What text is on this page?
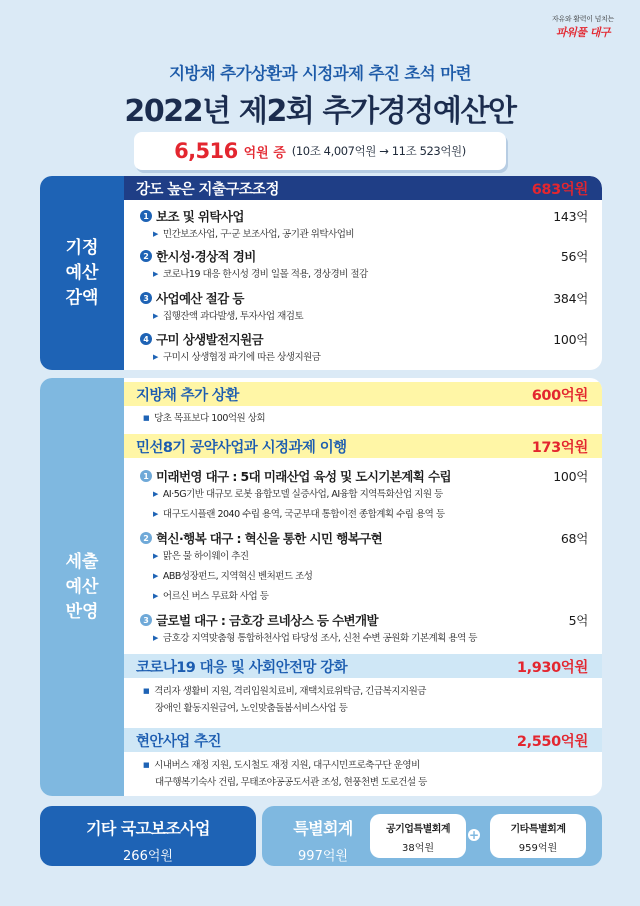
자유와 활력이 넘치는
파워풀 대구
지방채 추가상환과 시정과제 추진 초석 마련
2022년 제2회 추가경정예산안
6,516 억원 증 (10조 4,007억원 → 11조 523억원)
기정
예산
감액
강도 높은 지출구조조정	683억원
1 보조 및 위탁사업	143억
▶ 민간보조사업, 구·군 보조사업, 공기관 위탁사업비
2 한시성·경상적 경비	56억
▶ 코로나19 대응 한시성 경비 일몰 적용, 경상경비 절감
3 사업예산 절감 등	384억
▶ 집행잔액 과다발생, 투자사업 재검토
4 구미 상생발전지원금	100억
▶ 구미시 상생협정 파기에 따른 상생지원금
세출
예산
반영
지방채 추가 상환	600억원
■ 당초 목표보다 100억원 상회
민선8기 공약사업과 시정과제 이행	173억원
1 미래번영 대구 : 5대 미래산업 육성 및 도시기본계획 수립	100억
▶ AI·5G기반 대규모 로봇 융합모델 실증사업, AI융합 지역특화산업 지원 등
▶ 대구도시플랜 2040 수립 용역, 국군부대 통합이전 종합계획 수립 용역 등
2 혁신·행복 대구 : 혁신을 통한 시민 행복구현	68억
▶ 맑은 물 하이웨이 추진
▶ ABB성장펀드, 지역혁신 벤처펀드 조성
▶ 어르신 버스 무료화 사업 등
3 글로벌 대구 : 금호강 르네상스 등 수변개발	5억
▶ 금호강 지역맞춤형 통합하천사업 타당성 조사, 신천 수변 공원화 기본계획 용역 등
코로나19 대응 및 사회안전망 강화	1,930억원
■ 격리자 생활비 지원, 격리입원치료비, 재택치료위탁금, 긴급복지지원금
장애인 활동지원급여, 노인맞춤돌봄서비스사업 등
현안사업 추진	2,550억원
■ 시내버스 재정 지원, 도시철도 재정 지원, 대구시민프로축구단 운영비
대구행복기숙사 건립, 무태조야공공도서관 조성, 현풍천변 도로건설 등
기타 국고보조사업
266억원
특별회계
997억원
공기업특별회계
38억원
+	기타특별회계
959억원
